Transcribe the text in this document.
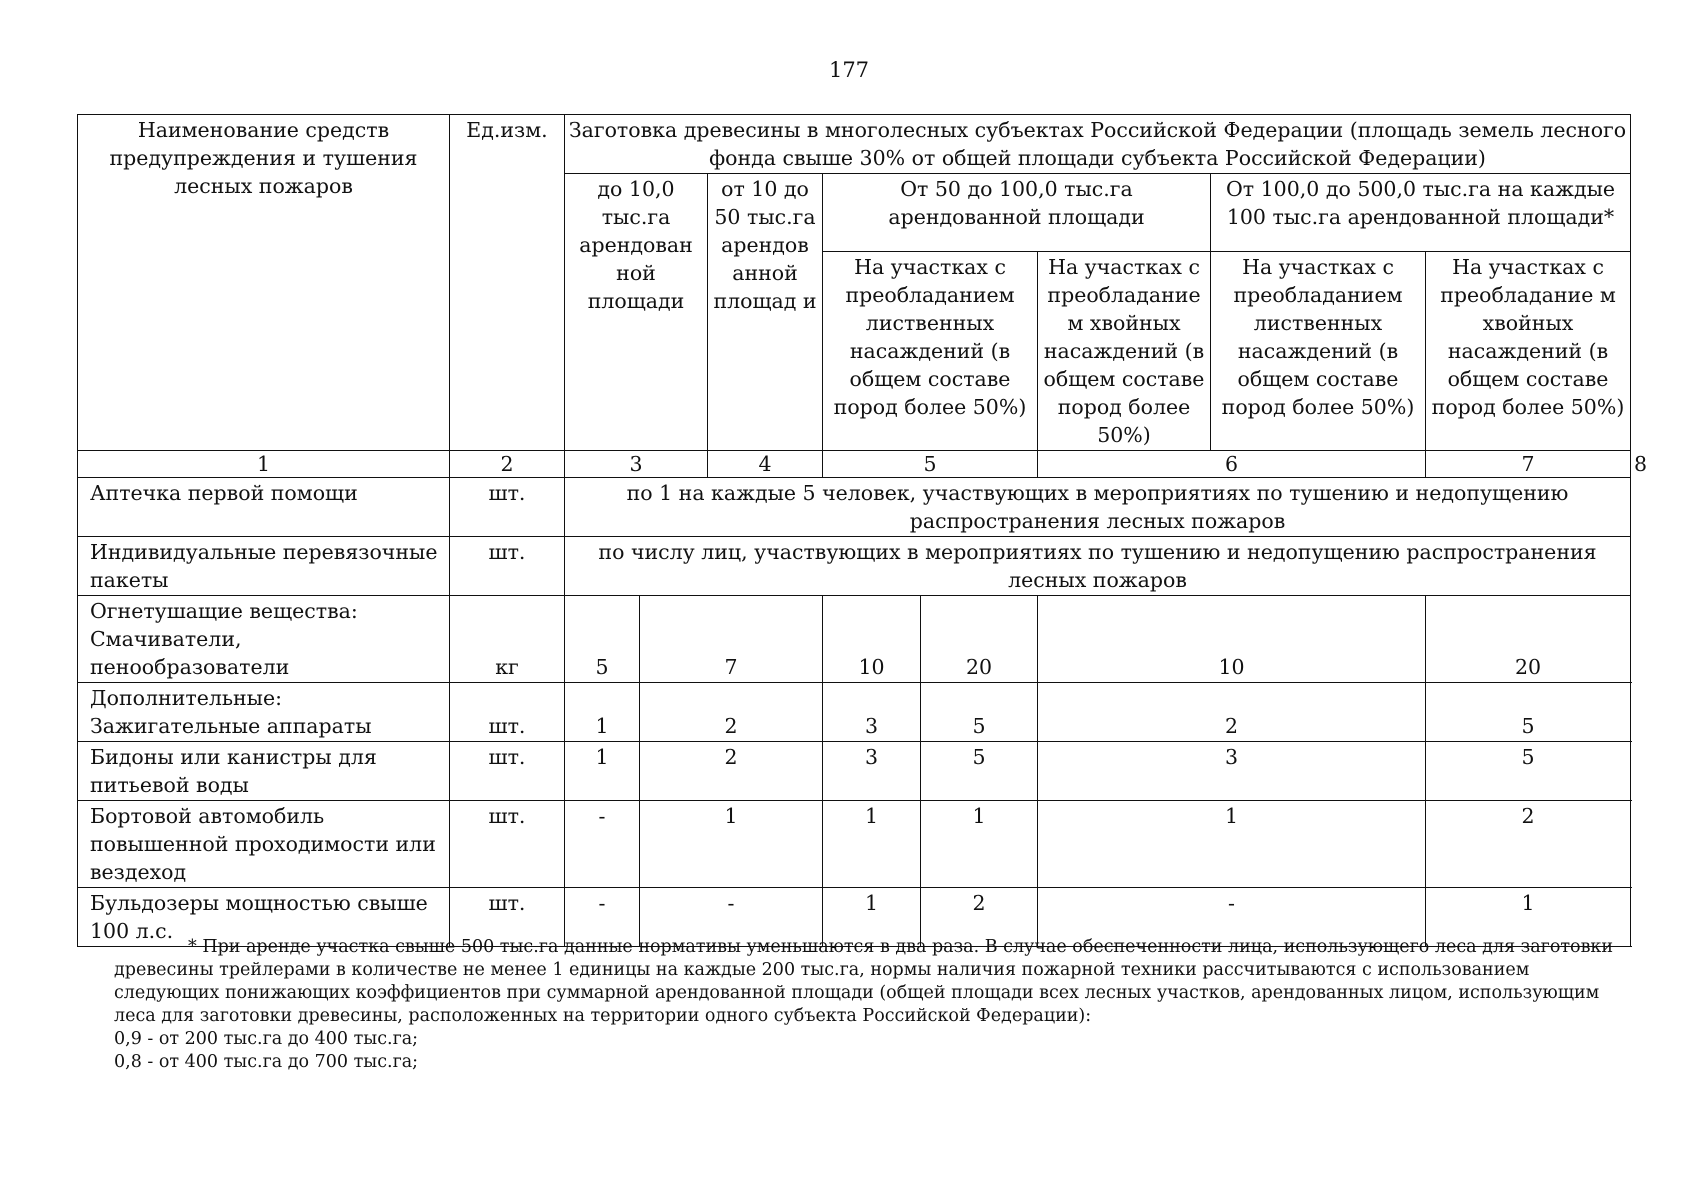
177
Наименование средств предупреждения и тушения лесных пожаров	Ед.изм.	Заготовка древесины в многолесных субъектах Российской Федерации (площадь земель лесного фонда свыше 30% от общей площади субъекта Российской Федерации)								
		до 10,0 тыс.га арендован ной площади		от 10 до 50 тыс.га арендов анной площад и	От 50 до 100,0 тыс.га арендованной площади			От 100,0 до 500,0 тыс.га на каждые 100 тыс.га арендованной площади*		
					На участках с преобладанием лиственных насаждений (в общем составе пород более 50%)		На участках с преобладанием хвойных насаждений (в общем составе пород более 50%)	На участках с преобладанием лиственных насаждений (в общем составе пород более 50%)	На участках с преобладание м хвойных насаждений (в общем составе пород более 50%)	
1	2	3		4	5		6		7	8
Аптечка первой помощи	шт.	по 1 на каждые 5 человек, участвующих в мероприятиях по тушению и недопущению распространения лесных пожаров								
Индивидуальные перевязочные пакеты	шт.	по числу лиц, участвующих в мероприятиях по тушению и недопущению распространения лесных пожаров								

Огнетушащие вещества:
Смачиватели, пенообразователи	кг	5	7		10	20	10		20	

Дополнительные:
Зажигательные аппараты	шт.	1	2		3	5	2		5	
Бидоны или канистры для питьевой воды	шт.	1	2		3	5	3		5	
Бортовой автомобиль повышенной проходимости или вездеход	шт.	-	1		1	1	1		2	
Бульдозеры мощностью свыше 100 л.с.	шт.	-	-		1	2	-		1	

* При аренде участка свыше 500 тыс.га данные нормативы уменьшаются в два раза. В случае обеспеченности лица, использующего леса для заготовки древесины трейлерами в количестве не менее 1 единицы на каждые 200 тыс.га, нормы наличия пожарной техники рассчитываются с использованием следующих понижающих коэффициентов при суммарной арендованной площади (общей площади всех лесных участков, арендованных лицом, использующим леса для заготовки древесины, расположенных на территории одного субъекта Российской Федерации):

0,9 - от 200 тыс.га до 400 тыс.га;

0,8 - от 400 тыс.га до 700 тыс.га;
